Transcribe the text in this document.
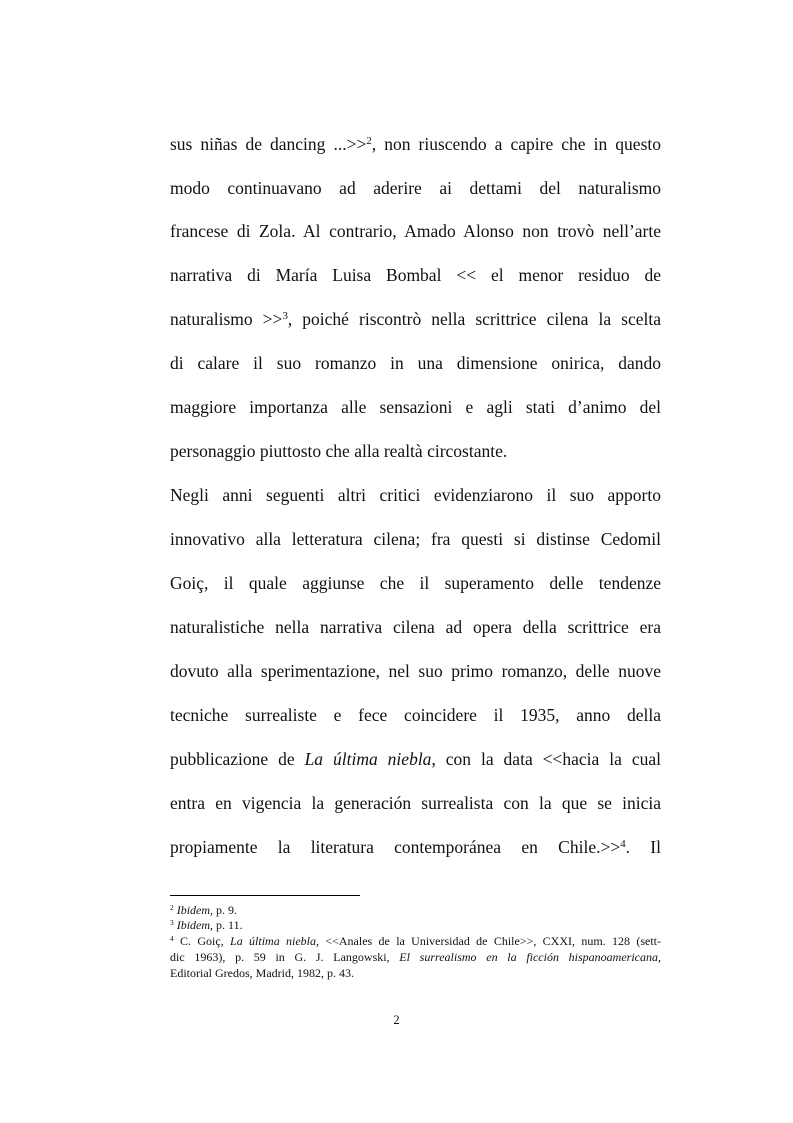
sus niñas de dancing ...>>$^2$, non riuscendo a capire che in questo
modo continuavano ad aderire ai dettami del naturalismo
francese di Zola. Al contrario, Amado Alonso non trovò nell’arte
narrativa di María Luisa Bombal << el menor residuo de
naturalismo >>$^3$, poiché riscontrò nella scrittrice cilena la scelta
di calare il suo romanzo in una dimensione onirica, dando
maggiore importanza alle sensazioni e agli stati d’animo del
personaggio piuttosto che alla realtà circostante.
Negli anni seguenti altri critici evidenziarono il suo apporto
innovativo alla letteratura cilena; fra questi si distinse Cedomil
Goiç, il quale aggiunse che il superamento delle tendenze
naturalistiche nella narrativa cilena ad opera della scrittrice era
dovuto alla sperimentazione, nel suo primo romanzo, delle nuove
tecniche surrealiste e fece coincidere il 1935, anno della
pubblicazione de La última niebla, con la data <<hacia la cual
entra en vigencia la generación surrealista con la que se inicia
propiamente la literatura contemporánea en Chile.>>$^4$. Il
$^2$ Ibidem, p. 9.
$^3$ Ibidem, p. 11.
$^4$ C. Goiç, La última niebla, <<Anales de la Universidad de Chile>>, CXXI, num. 128 (sett-
dic 1963), p. 59 in G. J. Langowski, El surrealismo en la ficción hispanoamericana,
Editorial Gredos, Madrid, 1982, p. 43.
2
